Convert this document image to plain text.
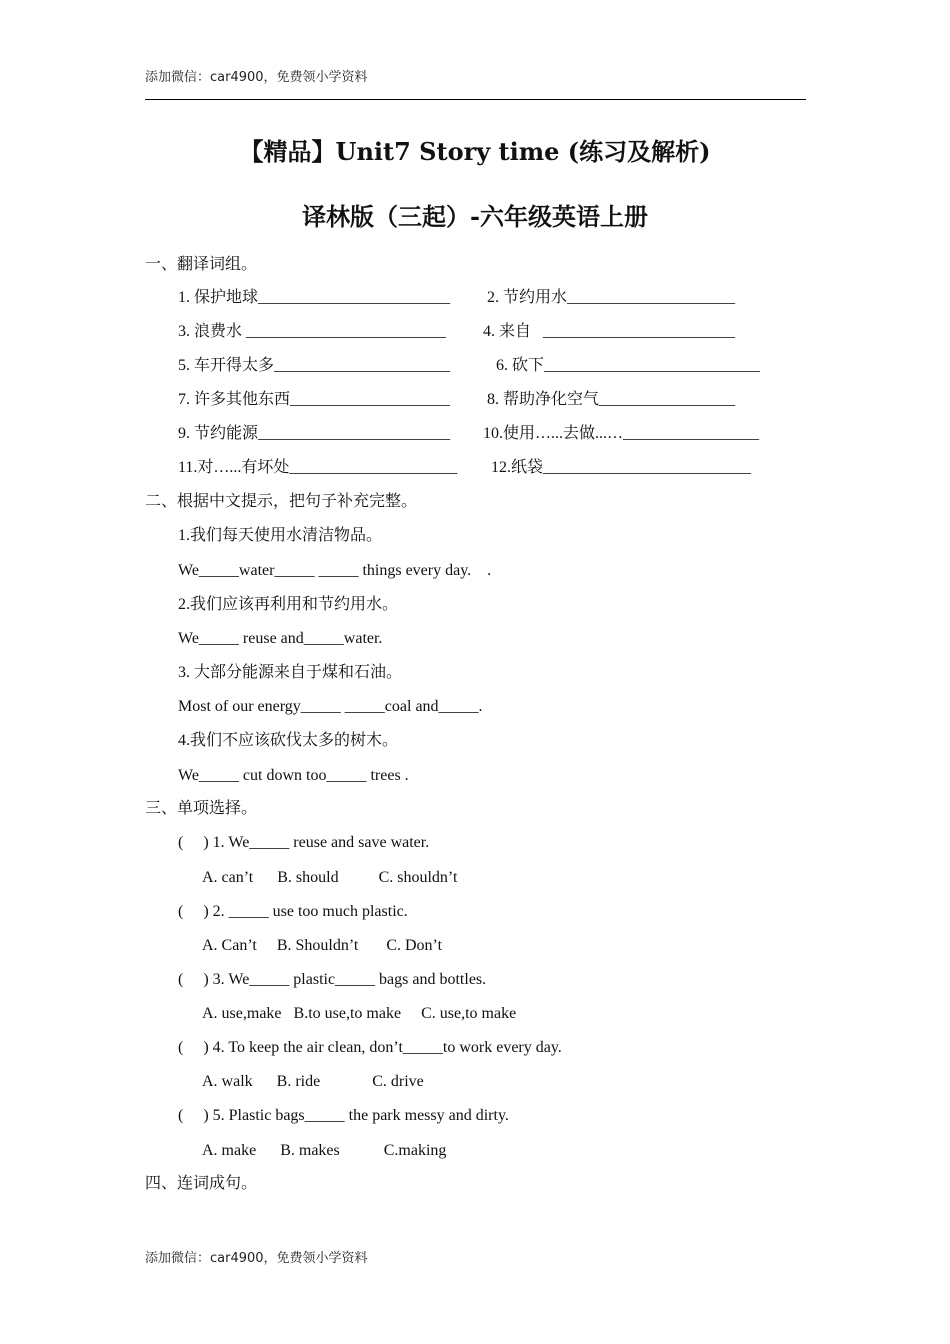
添加微信：car4900，免费领小学资料
【精品】Unit7 Story time (练习及解析)
译林版（三起）-六年级英语上册
一、翻译词组。
1. 保护地球________________________ 2. 节约用水_____________________
3. 浪费水 _________________________ 4. 来自   ________________________
5. 车开得太多______________________	6. 砍下___________________________
7. 许多其他东西____________________ 8. 帮助净化空气_________________
9. 节约能源________________________ 10.使用…...去做...…_________________
11.对…...有坏处_____________________ 12.纸袋__________________________
二、根据中文提示，把句子补充完整。
1.我们每天使用水清洁物品。
We_____water_____ _____ things every day.    .
2.我们应该再利用和节约用水。
We_____ reuse and_____water.
3. 大部分能源来自于煤和石油。
Most of our energy_____ _____coal and_____.
4.我们不应该砍伐太多的树木。
We_____ cut down too_____ trees .
三、单项选择。
(     ) 1. We_____ reuse and save water.
A. can’t      B. should          C. shouldn’t
(     ) 2. _____ use too much plastic.
A. Can’t     B. Shouldn’t       C. Don’t
(     ) 3. We_____ plastic_____ bags and bottles.
A. use,make   B.to use,to make     C. use,to make
(     ) 4. To keep the air clean, don’t_____to work every day.
A. walk      B. ride             C. drive
(     ) 5. Plastic bags_____ the park messy and dirty.
A. make      B. makes           C.making
四、连词成句。
添加微信：car4900，免费领小学资料
